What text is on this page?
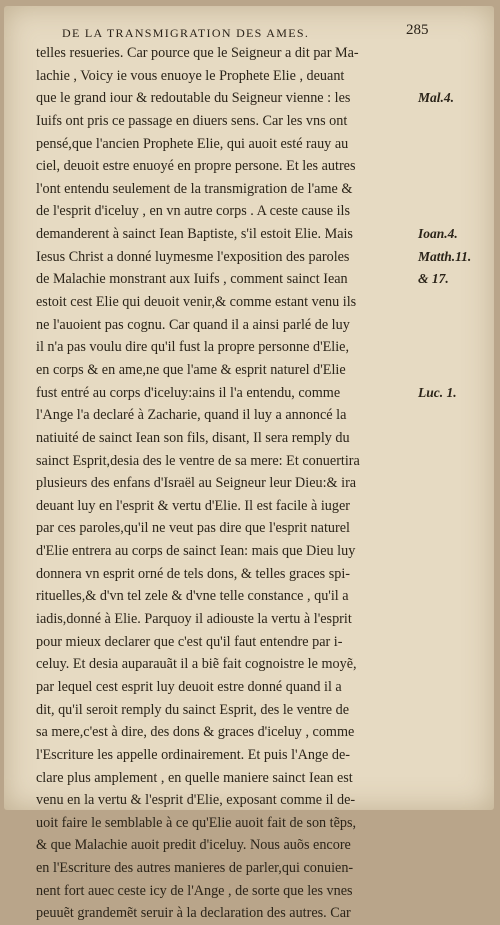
DE LA TRANSMIGRATION DES AMES.	285
telles resueries. Car pource que le Seigneur a dit par Ma-
lachie , Voicy ie vous enuoye le Prophete Elie , deuant
que le grand iour & redoutable du Seigneur vienne : les
Iuifs ont pris ce passage en diuers sens. Car les vns ont
pensé,que l'ancien Prophete Elie, qui auoit esté rauy au
ciel, deuoit estre enuoyé en propre persone. Et les autres
l'ont entendu seulement de la transmigration de l'ame &
de l'esprit d'iceluy , en vn autre corps . A ceste cause ils
demanderent à sainct Iean Baptiste, s'il estoit Elie. Mais
Iesus Christ a donné luymesme l'exposition des paroles
de Malachie monstrant aux Iuifs , comment sainct Iean
estoit cest Elie qui deuoit venir,& comme estant venu ils
ne l'auoient pas cognu. Car quand il a ainsi parlé de luy
il n'a pas voulu dire qu'il fust la propre personne d'Elie,
en corps & en ame,ne que l'ame & esprit naturel d'Elie
fust entré au corps d'iceluy:ains il l'a entendu, comme
l'Ange l'a declaré à Zacharie, quand il luy a annoncé la
natiuité de sainct Iean son fils, disant, Il sera remply du
sainct Esprit,desia des le ventre de sa mere: Et conuertira
plusieurs des enfans d'Israël au Seigneur leur Dieu:& ira
deuant luy en l'esprit & vertu d'Elie. Il est facile à iuger
par ces paroles,qu'il ne veut pas dire que l'esprit naturel
d'Elie entrera au corps de sainct Iean: mais que Dieu luy
donnera vn esprit orné de tels dons, & telles graces spi-
rituelles,& d'vn tel zele & d'vne telle constance , qu'il a
iadis,donné à Elie. Parquoy il adiouste la vertu à l'esprit
pour mieux declarer que c'est qu'il faut entendre par i-
celuy. Et desia auparauãt il a biẽ fait cognoistre le moyẽ,
par lequel cest esprit luy deuoit estre donné quand il a
dit, qu'il seroit remply du sainct Esprit, des le ventre de
sa mere,c'est à dire, des dons & graces d'iceluy , comme
l'Escriture les appelle ordinairement. Et puis l'Ange de-
clare plus amplement , en quelle maniere sainct Iean est
venu en la vertu & l'esprit d'Elie, exposant comme il de-
uoit faire le semblable à ce qu'Elie auoit fait de son tẽps,
& que Malachie auoit predit d'iceluy. Nous auõs encore
en l'Escriture des autres manieres de parler,qui conuien-
nent fort auec ceste icy de l'Ange , de sorte que les vnes
peuuẽt grandemẽt seruir à la declaration des autres. Car
Mal.4.
Ioan.4.
Matth.11.
& 17.
Luc. 1.
